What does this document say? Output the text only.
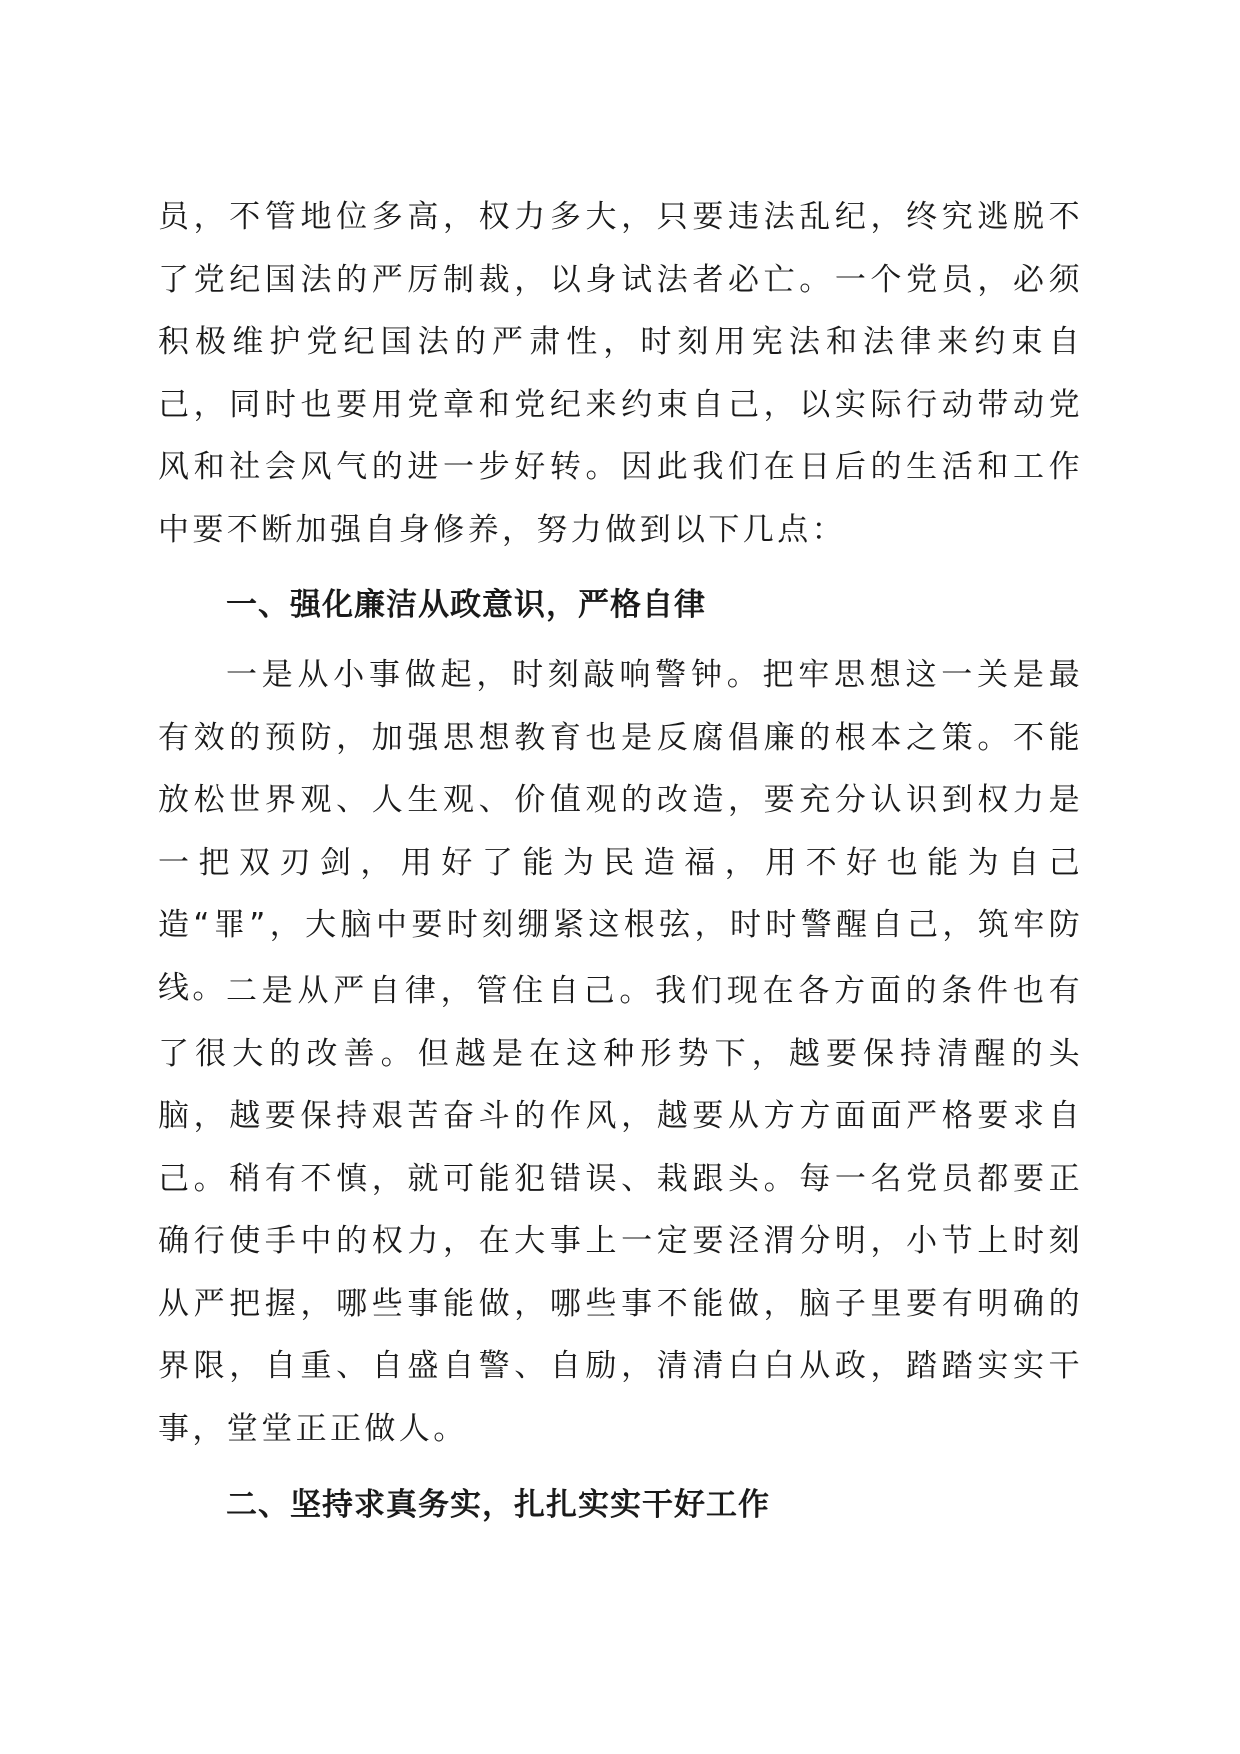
员，不管地位多高，权力多大，只要违法乱纪，终究逃脱不了党纪国法的严厉制裁，以身试法者必亡。一个党员，必须积极维护党纪国法的严肃性，时刻用宪法和法律来约束自己，同时也要用党章和党纪来约束自己，以实际行动带动党风和社会风气的进一步好转。因此我们在日后的生活和工作中要不断加强自身修养，努力做到以下几点：

一、强化廉洁从政意识，严格自律

一是从小事做起，时刻敲响警钟。把牢思想这一关是最有效的预防，加强思想教育也是反腐倡廉的根本之策。不能放松世界观、人生观、价值观的改造，要充分认识到权力是一把双刃剑，用好了能为民造福，用不好也能为自己造“罪”，大脑中要时刻绷紧这根弦，时时警醒自己，筑牢防线。 二是从严自律，管住自己。我们现在各方面的条件也有了很大的改善。但越是在这种形势下，越要保持清醒的头脑，越要保持艰苦奋斗的作风，越要从方方面面严格要求自己。稍有不慎，就可能犯错误、栽跟头。每一名党员都要正确行使手中的权力，在大事上一定要泾渭分明，小节上时刻从严把握，哪些事能做，哪些事不能做，脑子里要有明确的界限，自重、自盛自警、自励，清清白白从政，踏踏实实干事，堂堂正正做人。

二、坚持求真务实，扎扎实实干好工作
